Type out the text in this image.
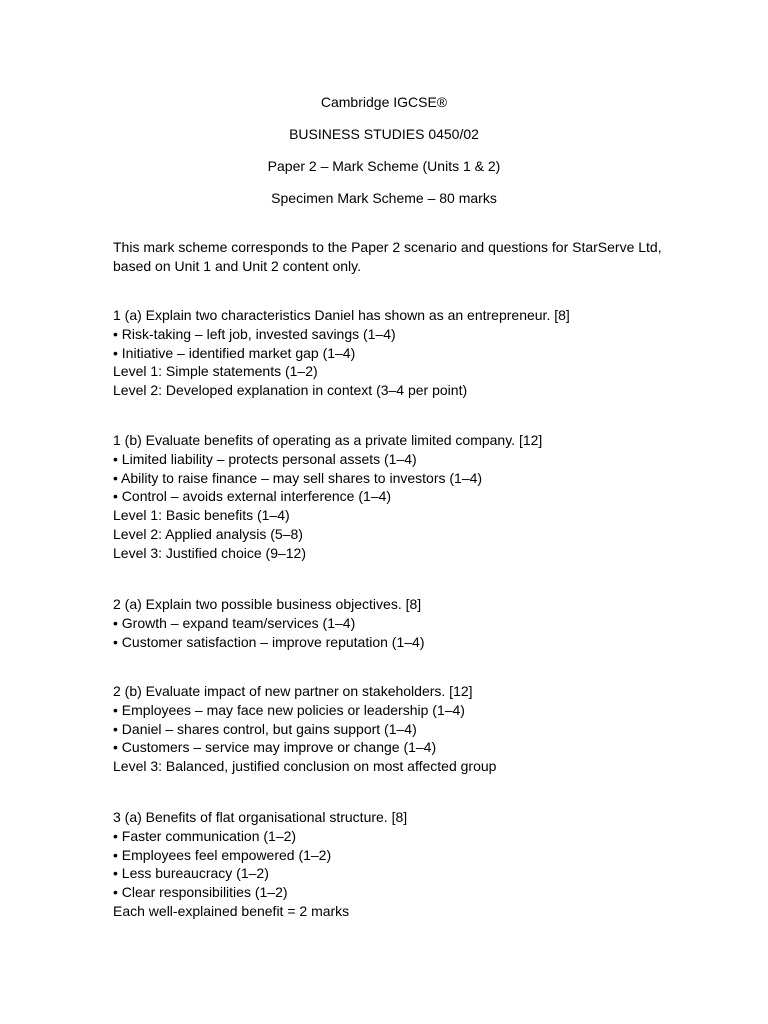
Cambridge IGCSE®

BUSINESS STUDIES 0450/02

Paper 2 – Mark Scheme (Units 1 & 2)

Specimen Mark Scheme – 80 marks

This mark scheme corresponds to the Paper 2 scenario and questions for StarServe Ltd,

based on Unit 1 and Unit 2 content only.

1 (a) Explain two characteristics Daniel has shown as an entrepreneur. [8]
• Risk-taking – left job, invested savings (1–4)
• Initiative – identified market gap (1–4)
Level 1: Simple statements (1–2)
Level 2: Developed explanation in context (3–4 per point)
1 (b) Evaluate benefits of operating as a private limited company. [12]
• Limited liability – protects personal assets (1–4)
• Ability to raise finance – may sell shares to investors (1–4)
• Control – avoids external interference (1–4)
Level 1: Basic benefits (1–4)
Level 2: Applied analysis (5–8)
Level 3: Justified choice (9–12)
2 (a) Explain two possible business objectives. [8]
• Growth – expand team/services (1–4)
• Customer satisfaction – improve reputation (1–4)
2 (b) Evaluate impact of new partner on stakeholders. [12]
• Employees – may face new policies or leadership (1–4)
• Daniel – shares control, but gains support (1–4)
• Customers – service may improve or change (1–4)
Level 3: Balanced, justified conclusion on most affected group
3 (a) Benefits of flat organisational structure. [8]
• Faster communication (1–2)
• Employees feel empowered (1–2)
• Less bureaucracy (1–2)
• Clear responsibilities (1–2)
Each well-explained benefit = 2 marks
